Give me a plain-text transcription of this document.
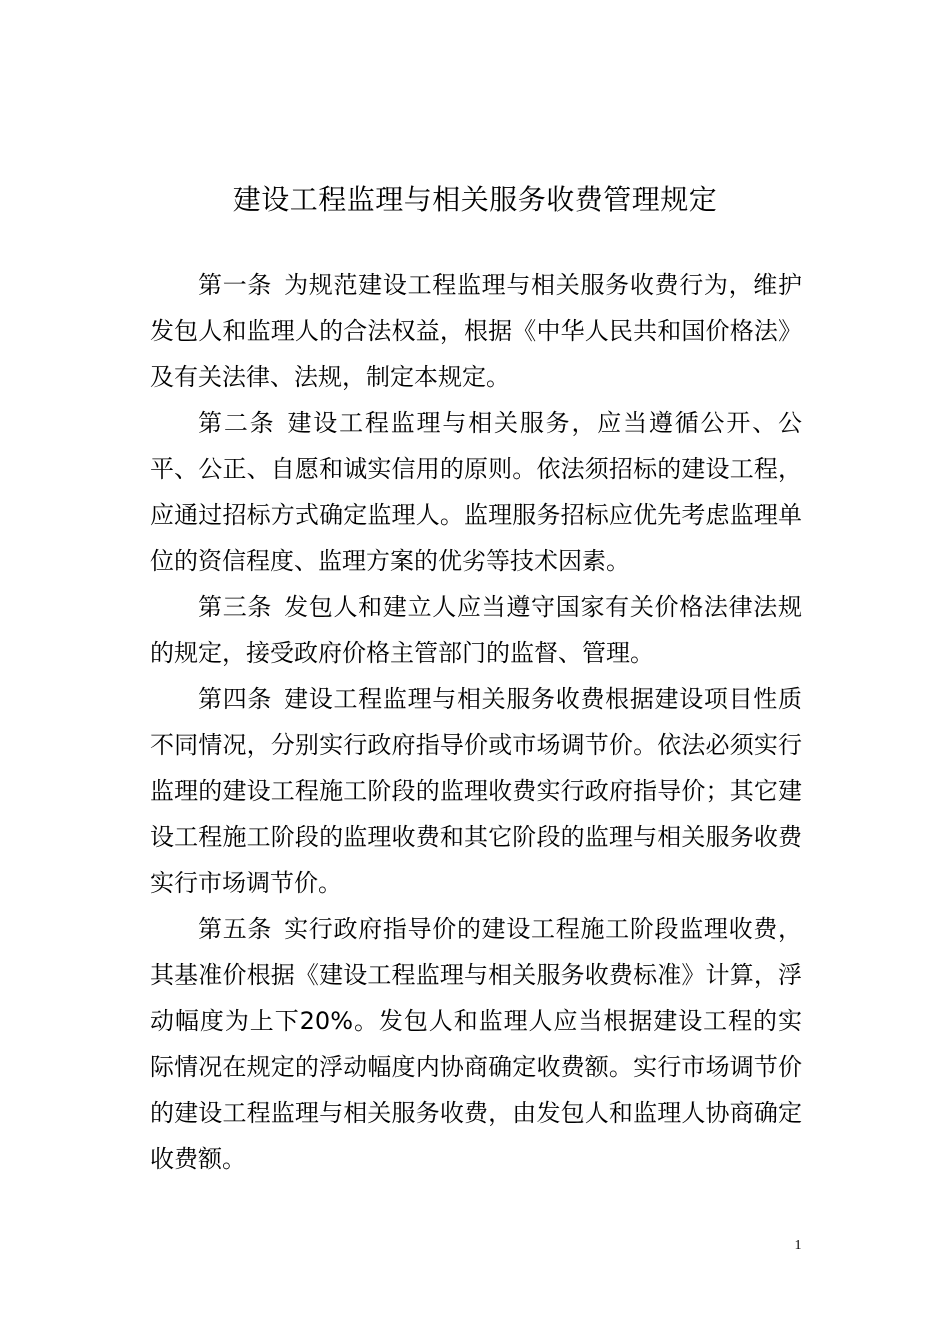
建设工程监理与相关服务收费管理规定

第一条 为规范建设工程监理与相关服务收费行为，维护发包人和监理人的合法权益，根据《中华人民共和国价格法》及有关法律、法规，制定本规定。

第二条 建设工程监理与相关服务，应当遵循公开、公平、公正、自愿和诚实信用的原则。依法须招标的建设工程，应通过招标方式确定监理人。监理服务招标应优先考虑监理单位的资信程度、监理方案的优劣等技术因素。

第三条 发包人和建立人应当遵守国家有关价格法律法规的规定，接受政府价格主管部门的监督、管理。

第四条 建设工程监理与相关服务收费根据建设项目性质不同情况，分别实行政府指导价或市场调节价。依法必须实行监理的建设工程施工阶段的监理收费实行政府指导价；其它建设工程施工阶段的监理收费和其它阶段的监理与相关服务收费实行市场调节价。

第五条 实行政府指导价的建设工程施工阶段监理收费，其基准价根据《建设工程监理与相关服务收费标准》计算，浮动幅度为上下20%。发包人和监理人应当根据建设工程的实际情况在规定的浮动幅度内协商确定收费额。实行市场调节价的建设工程监理与相关服务收费，由发包人和监理人协商确定收费额。

1
